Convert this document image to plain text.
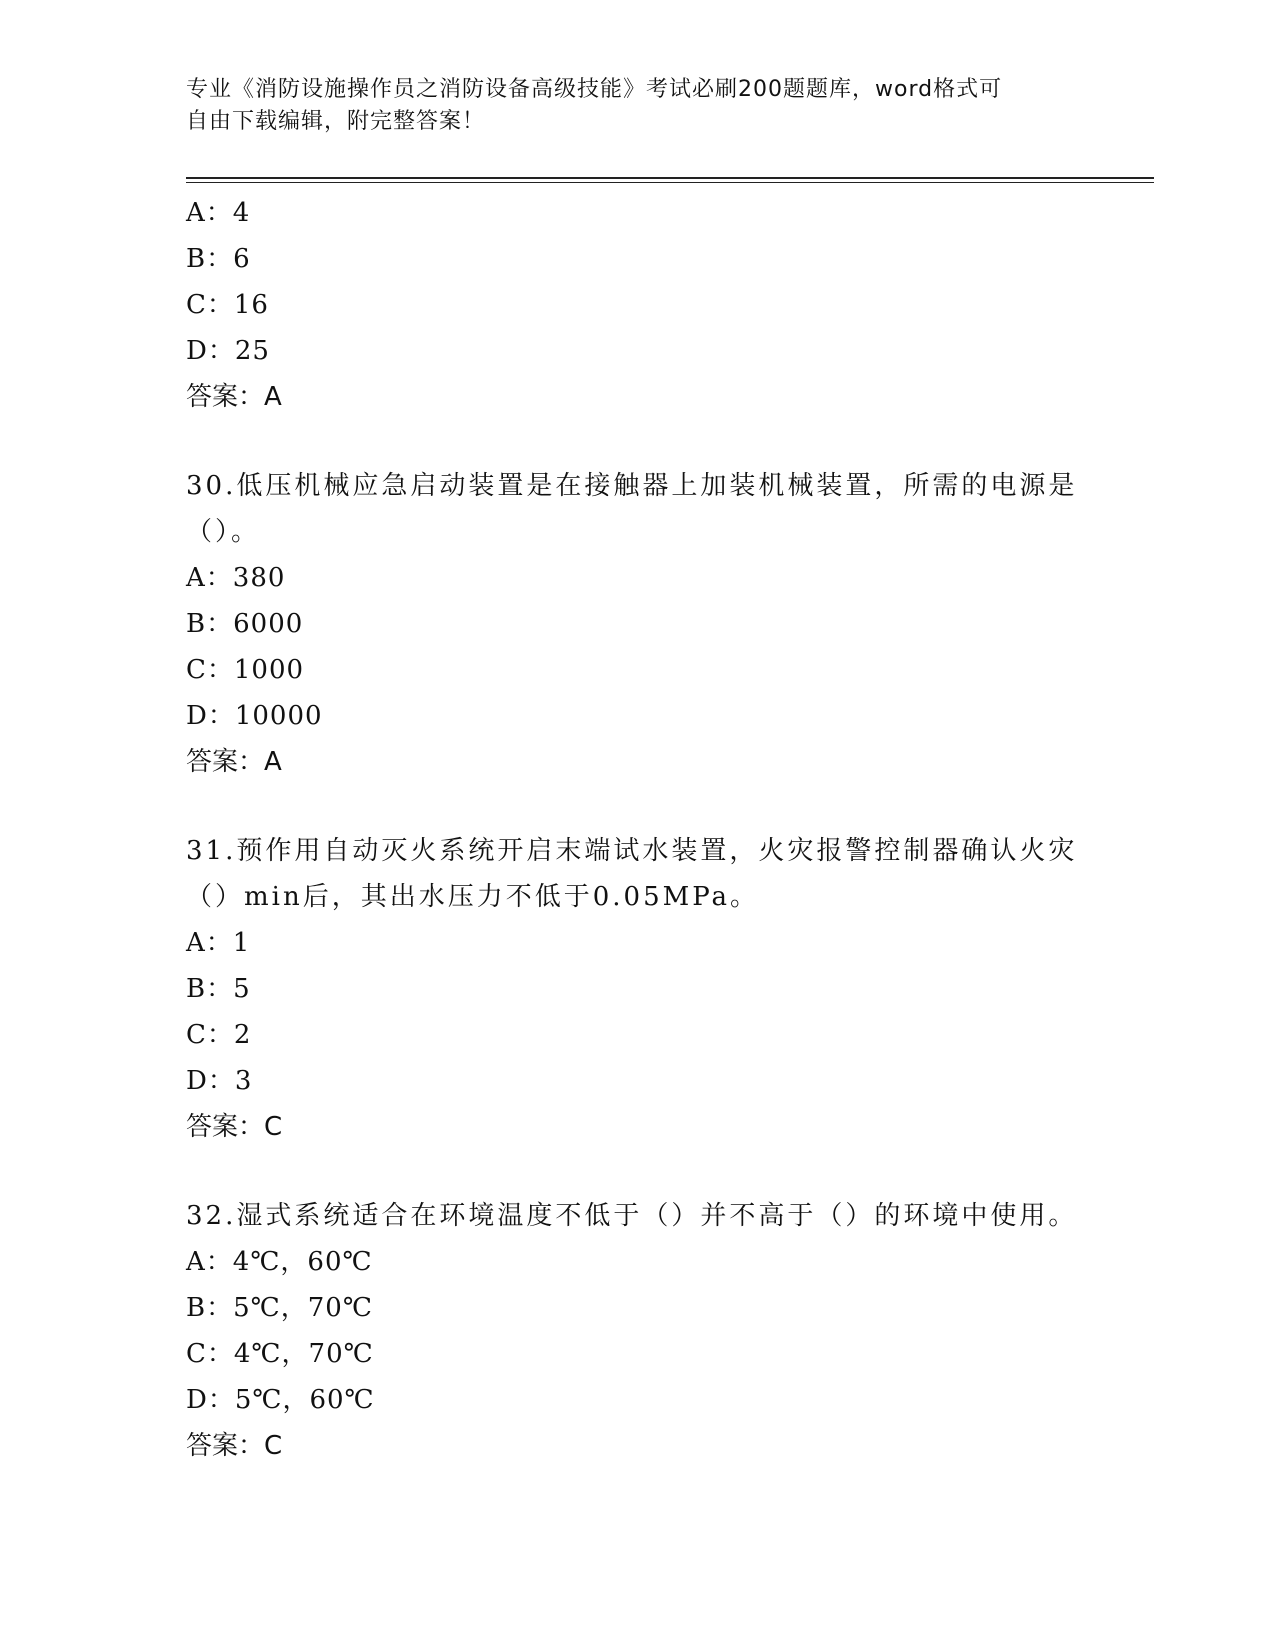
专业《消防设施操作员之消防设备高级技能》考试必刷200题题库，word格式可
自由下载编辑，附完整答案！
A：4
B：6
C：16
D：25
答案：A
30.低压机械应急启动装置是在接触器上加装机械装置，所需的电源是（）。
A：380
B：6000
C：1000
D：10000
答案：A
31.预作用自动灭火系统开启末端试水装置，火灾报警控制器确认火灾（）min后，其出水压力不低于0.05MPa。
A：1
B：5
C：2
D：3
答案：C
32.湿式系统适合在环境温度不低于（）并不高于（）的环境中使用。
A：4℃，60℃
B：5℃，70℃
C：4℃，70℃
D：5℃，60℃
答案：C
